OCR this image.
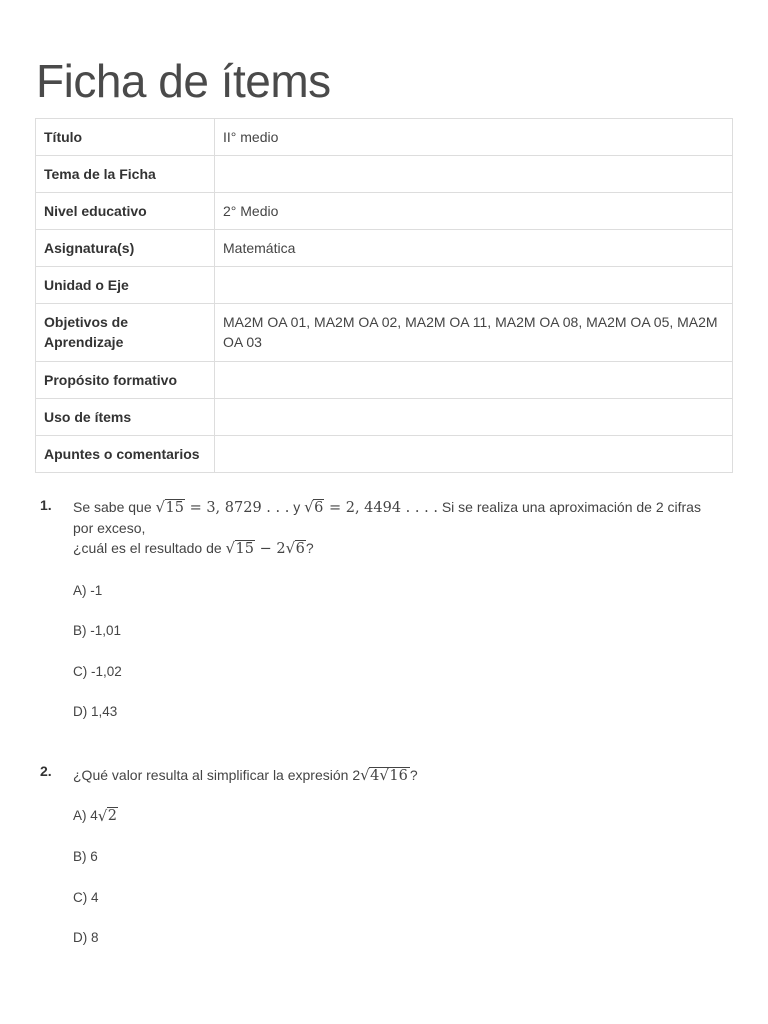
Ficha de ítems
Título	II° medio
Tema de la Ficha	
Nivel educativo	2° Medio
Asignatura(s)	Matemática
Unidad o Eje	
Objetivos de Aprendizaje	MA2M OA 01, MA2M OA 02, MA2M OA 11, MA2M OA 08, MA2M OA 05, MA2M OA 03
Propósito formativo	
Uso de ítems	
Apuntes o comentarios	
1. Se sabe que √ 15 = 3, 8729 . . . y √ 6 = 2, 4494 . . . . Si se realiza una aproximación de 2 cifras por exceso,
¿cuál es el resultado de √ 15 − 2 √ 6?
A) -1
B) -1,01
C) -1,02
D) 1,43
2. ¿Qué valor resulta al simplificar la expresión 2 √ 4 √ 16 ?
A) 4 √ 2
B) 6
C) 4
D) 8
